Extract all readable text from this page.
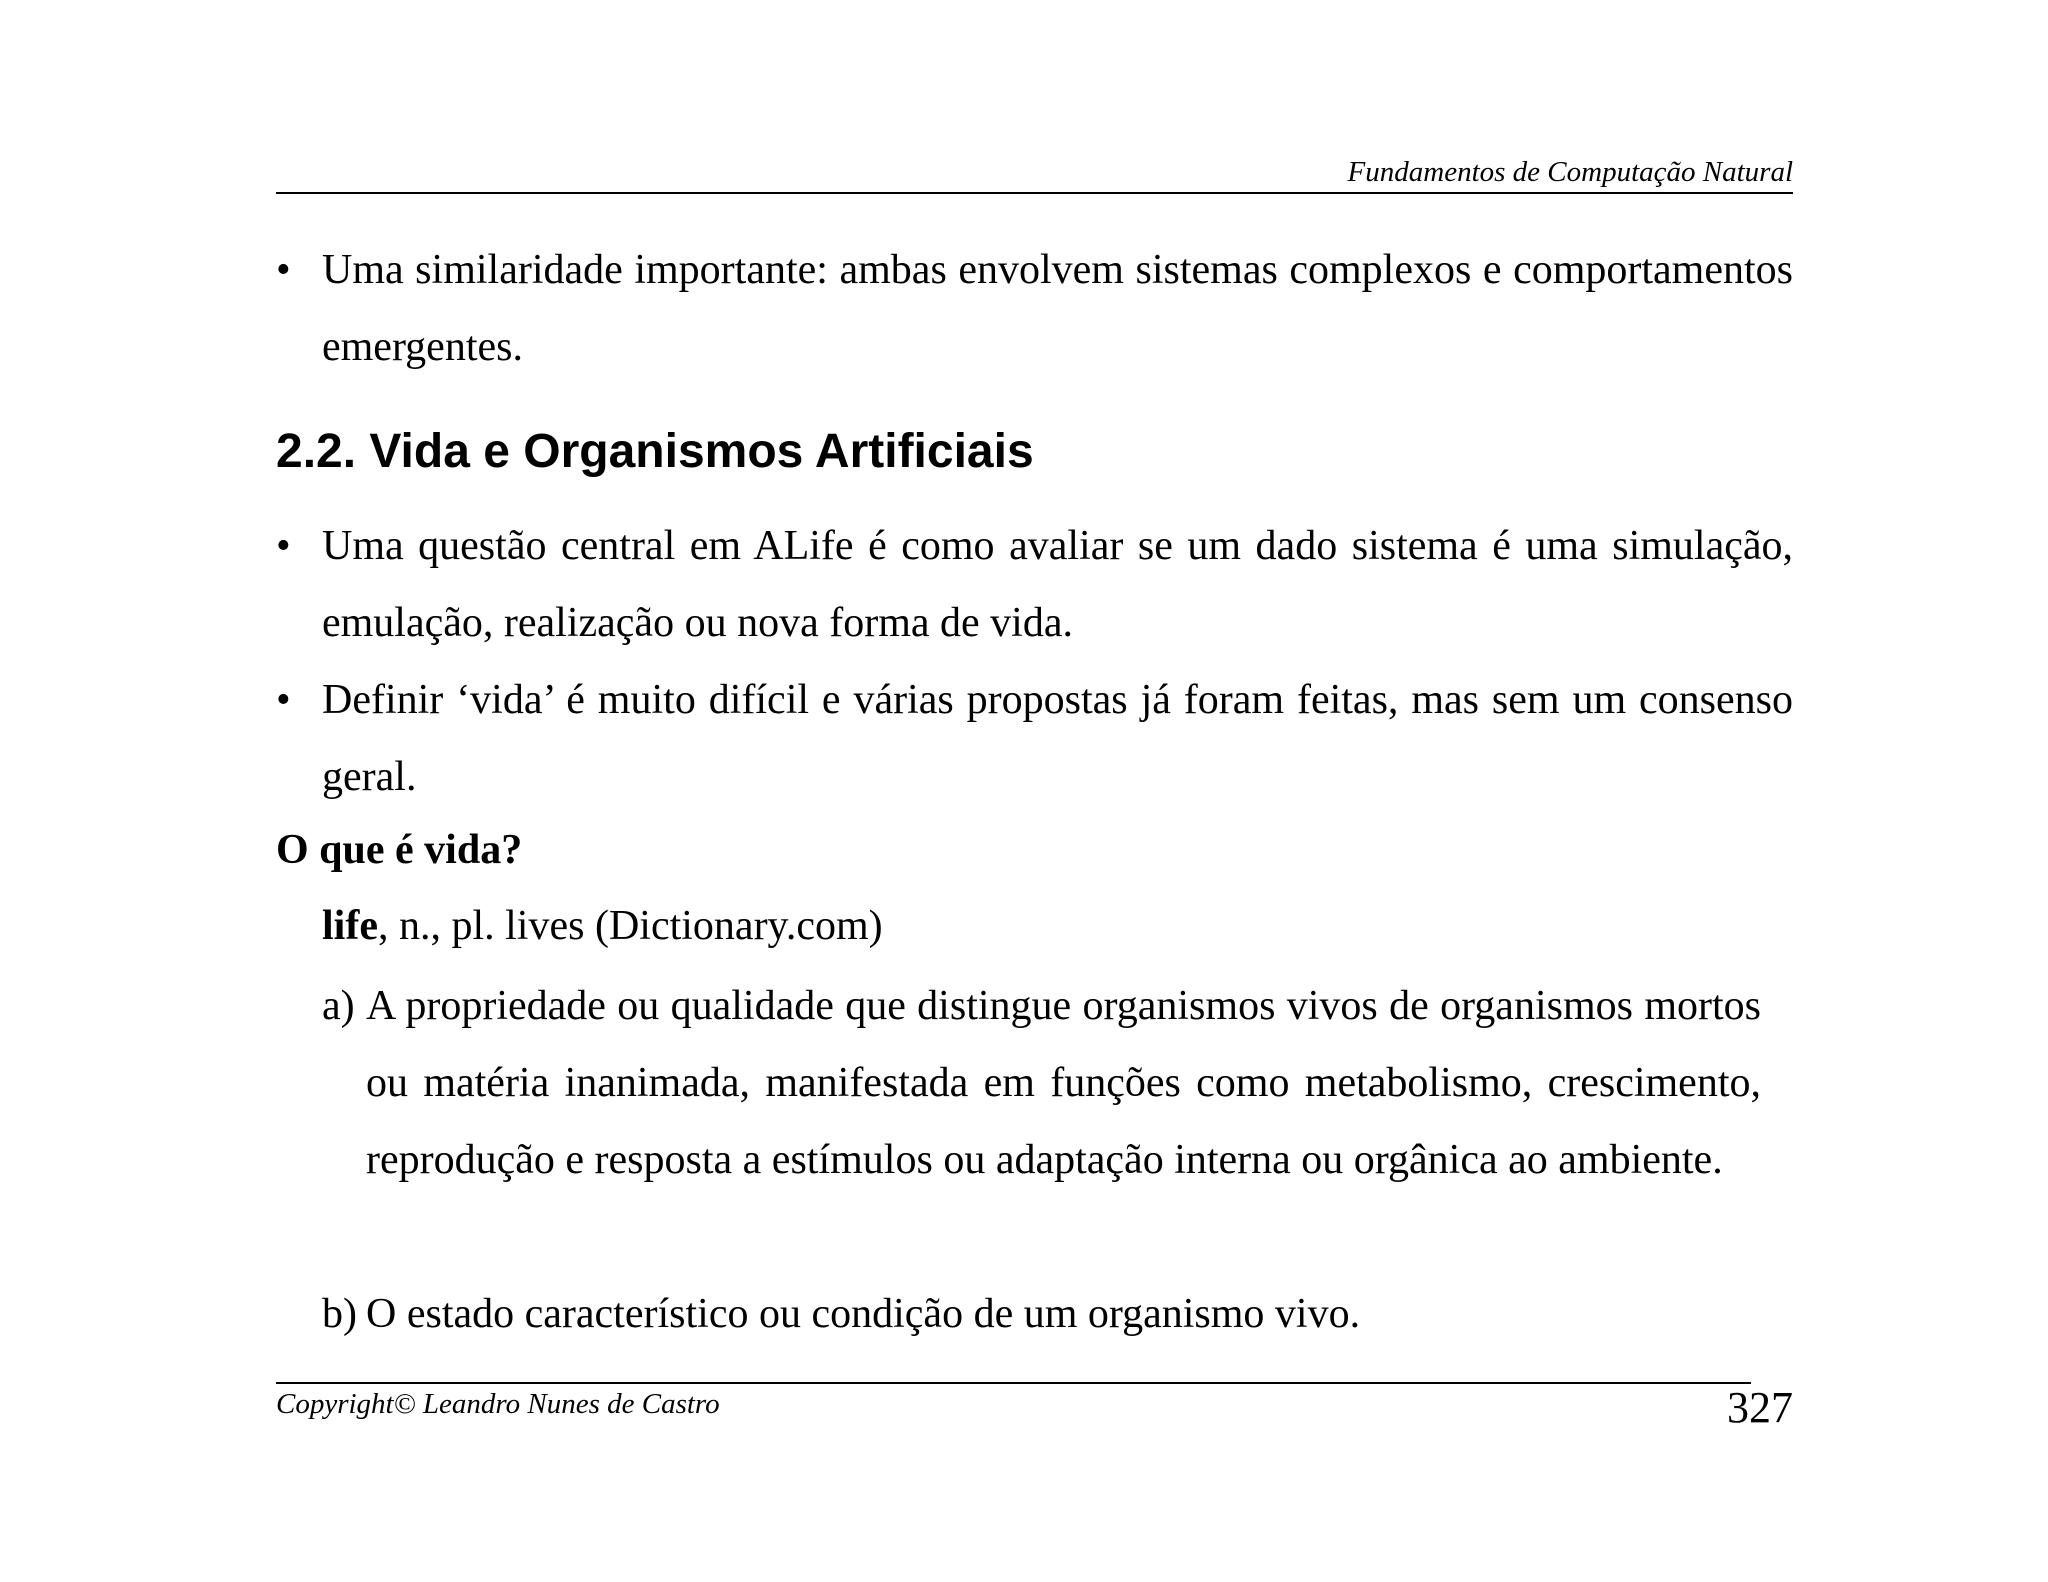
Fundamentos de Computação Natural
• Uma similaridade importante: ambas envolvem sistemas complexos e comportamentos emergentes.
2.2. Vida e Organismos Artificiais
• Uma questão central em ALife é como avaliar se um dado sistema é uma simulação, emulação, realização ou nova forma de vida.
• Definir ‘vida’ é muito difícil e várias propostas já foram feitas, mas sem um consenso geral.
O que é vida?
life, n., pl. lives (Dictionary.com)
a) A propriedade ou qualidade que distingue organismos vivos de organismos mortos ou matéria inanimada, manifestada em funções como metabolismo, crescimento, reprodução e resposta a estímulos ou adaptação interna ou orgânica ao ambiente.
b) O estado característico ou condição de um organismo vivo.
Copyright© Leandro Nunes de Castro	327
